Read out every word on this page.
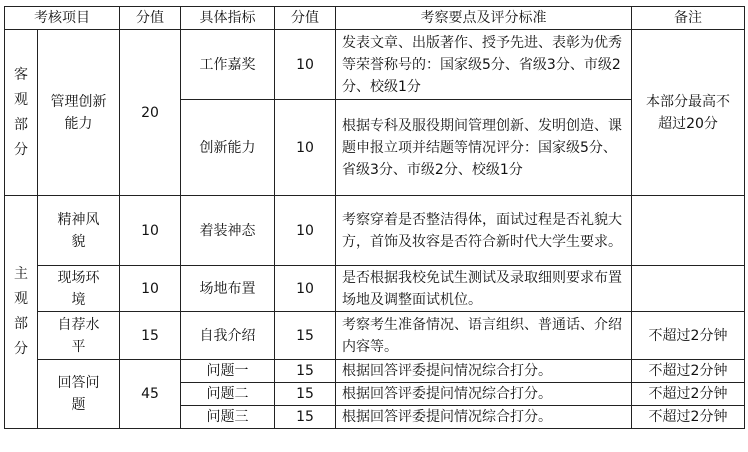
考核项目		分值	具体指标	分值	考察要点及评分标准	备注
客观部分	管理创新能力	20	工作嘉奖	10	发表文章、出版著作、授予先进、表彰为优秀等荣誉称号的：国家级5分、省级3分、市级2分、校级1分	本部分最高不超过20分
			创新能力	10	根据专科及服役期间管理创新、发明创造、课题申报立项并结题等情况评分：国家级5分、省级3分、市级2分、校级1分	
主观部分	精神风貌	10	着装神态	10	考察穿着是否整洁得体，面试过程是否礼貌大方，首饰及妆容是否符合新时代大学生要求。	
	现场环境	10	场地布置	10	是否根据我校免试生测试及录取细则要求布置场地及调整面试机位。	
	自荐水平	15	自我介绍	15	考察考生准备情况、语言组织、普通话、介绍内容等。	不超过2分钟
	回答问题	45	问题一	15	根据回答评委提问情况综合打分。	不超过2分钟
			问题二	15	根据回答评委提问情况综合打分。	不超过2分钟
			问题三	15	根据回答评委提问情况综合打分。	不超过2分钟
